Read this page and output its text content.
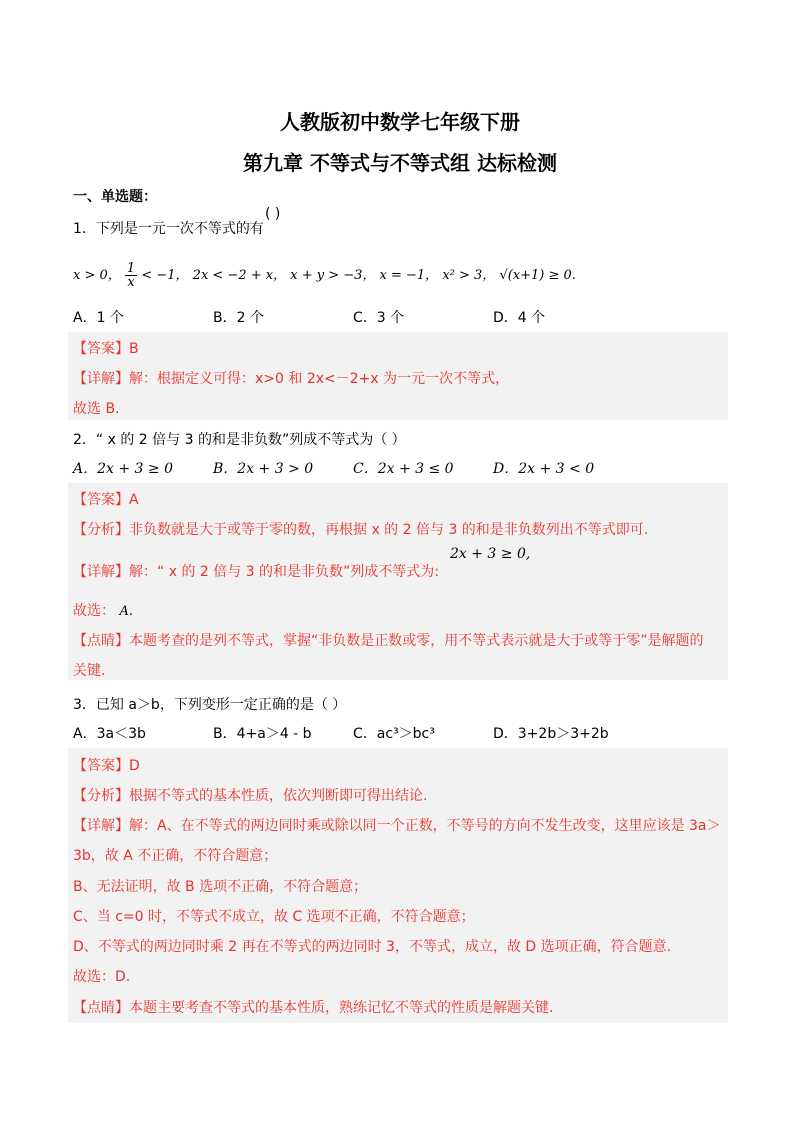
人教版初中数学七年级下册
第九章 不等式与不等式组 达标检测
一、单选题：
1．下列是一元一次不等式的有
( )
x > 0， $\frac{1}{x} < -1$， 2x < −2 + x， x + y > −3， x = −1， x² > 3， √(x+1) ≥ 0.
A．1 个	B．2 个	C．3 个	D．4 个
【答案】B
【详解】解：根据定义可得：x>0 和 2x<－2+x 为一元一次不等式，
故选 B.
2．“ x 的 2 倍与 3 的和是非负数”列成不等式为（ ）
A．2x + 3 ≥ 0	B．2x + 3 > 0	C．2x + 3 ≤ 0	D．2x + 3 < 0
【答案】A
【分析】非负数就是大于或等于零的数，再根据 x 的 2 倍与 3 的和是非负数列出不等式即可.
【详解】解：“ x 的 2 倍与 3 的和是非负数”列成不等式为:
2x + 3 ≥ 0,
故选： A.
【点睛】本题考查的是列不等式，掌握“非负数是正数或零，用不等式表示就是大于或等于零”是解题的
关键.
3．已知 a＞b，下列变形一定正确的是（ ）
A．3a＜3b	B．4+a＞4 - b	C．ac³＞bc³	D．3+2b＞3+2b
【答案】D
【分析】根据不等式的基本性质，依次判断即可得出结论.
【详解】解：A、在不等式的两边同时乘或除以同一个正数，不等号的方向不发生改变，这里应该是 3a＞
3b，故 A 不正确，不符合题意；
B、无法证明，故 B 选项不正确，不符合题意；
C、当 c=0 时，不等式不成立，故 C 选项不正确，不符合题意；
D、不等式的两边同时乘 2 再在不等式的两边同时 3，不等式，成立，故 D 选项正确，符合题意.
故选：D.
【点睛】本题主要考查不等式的基本性质，熟练记忆不等式的性质是解题关键.
